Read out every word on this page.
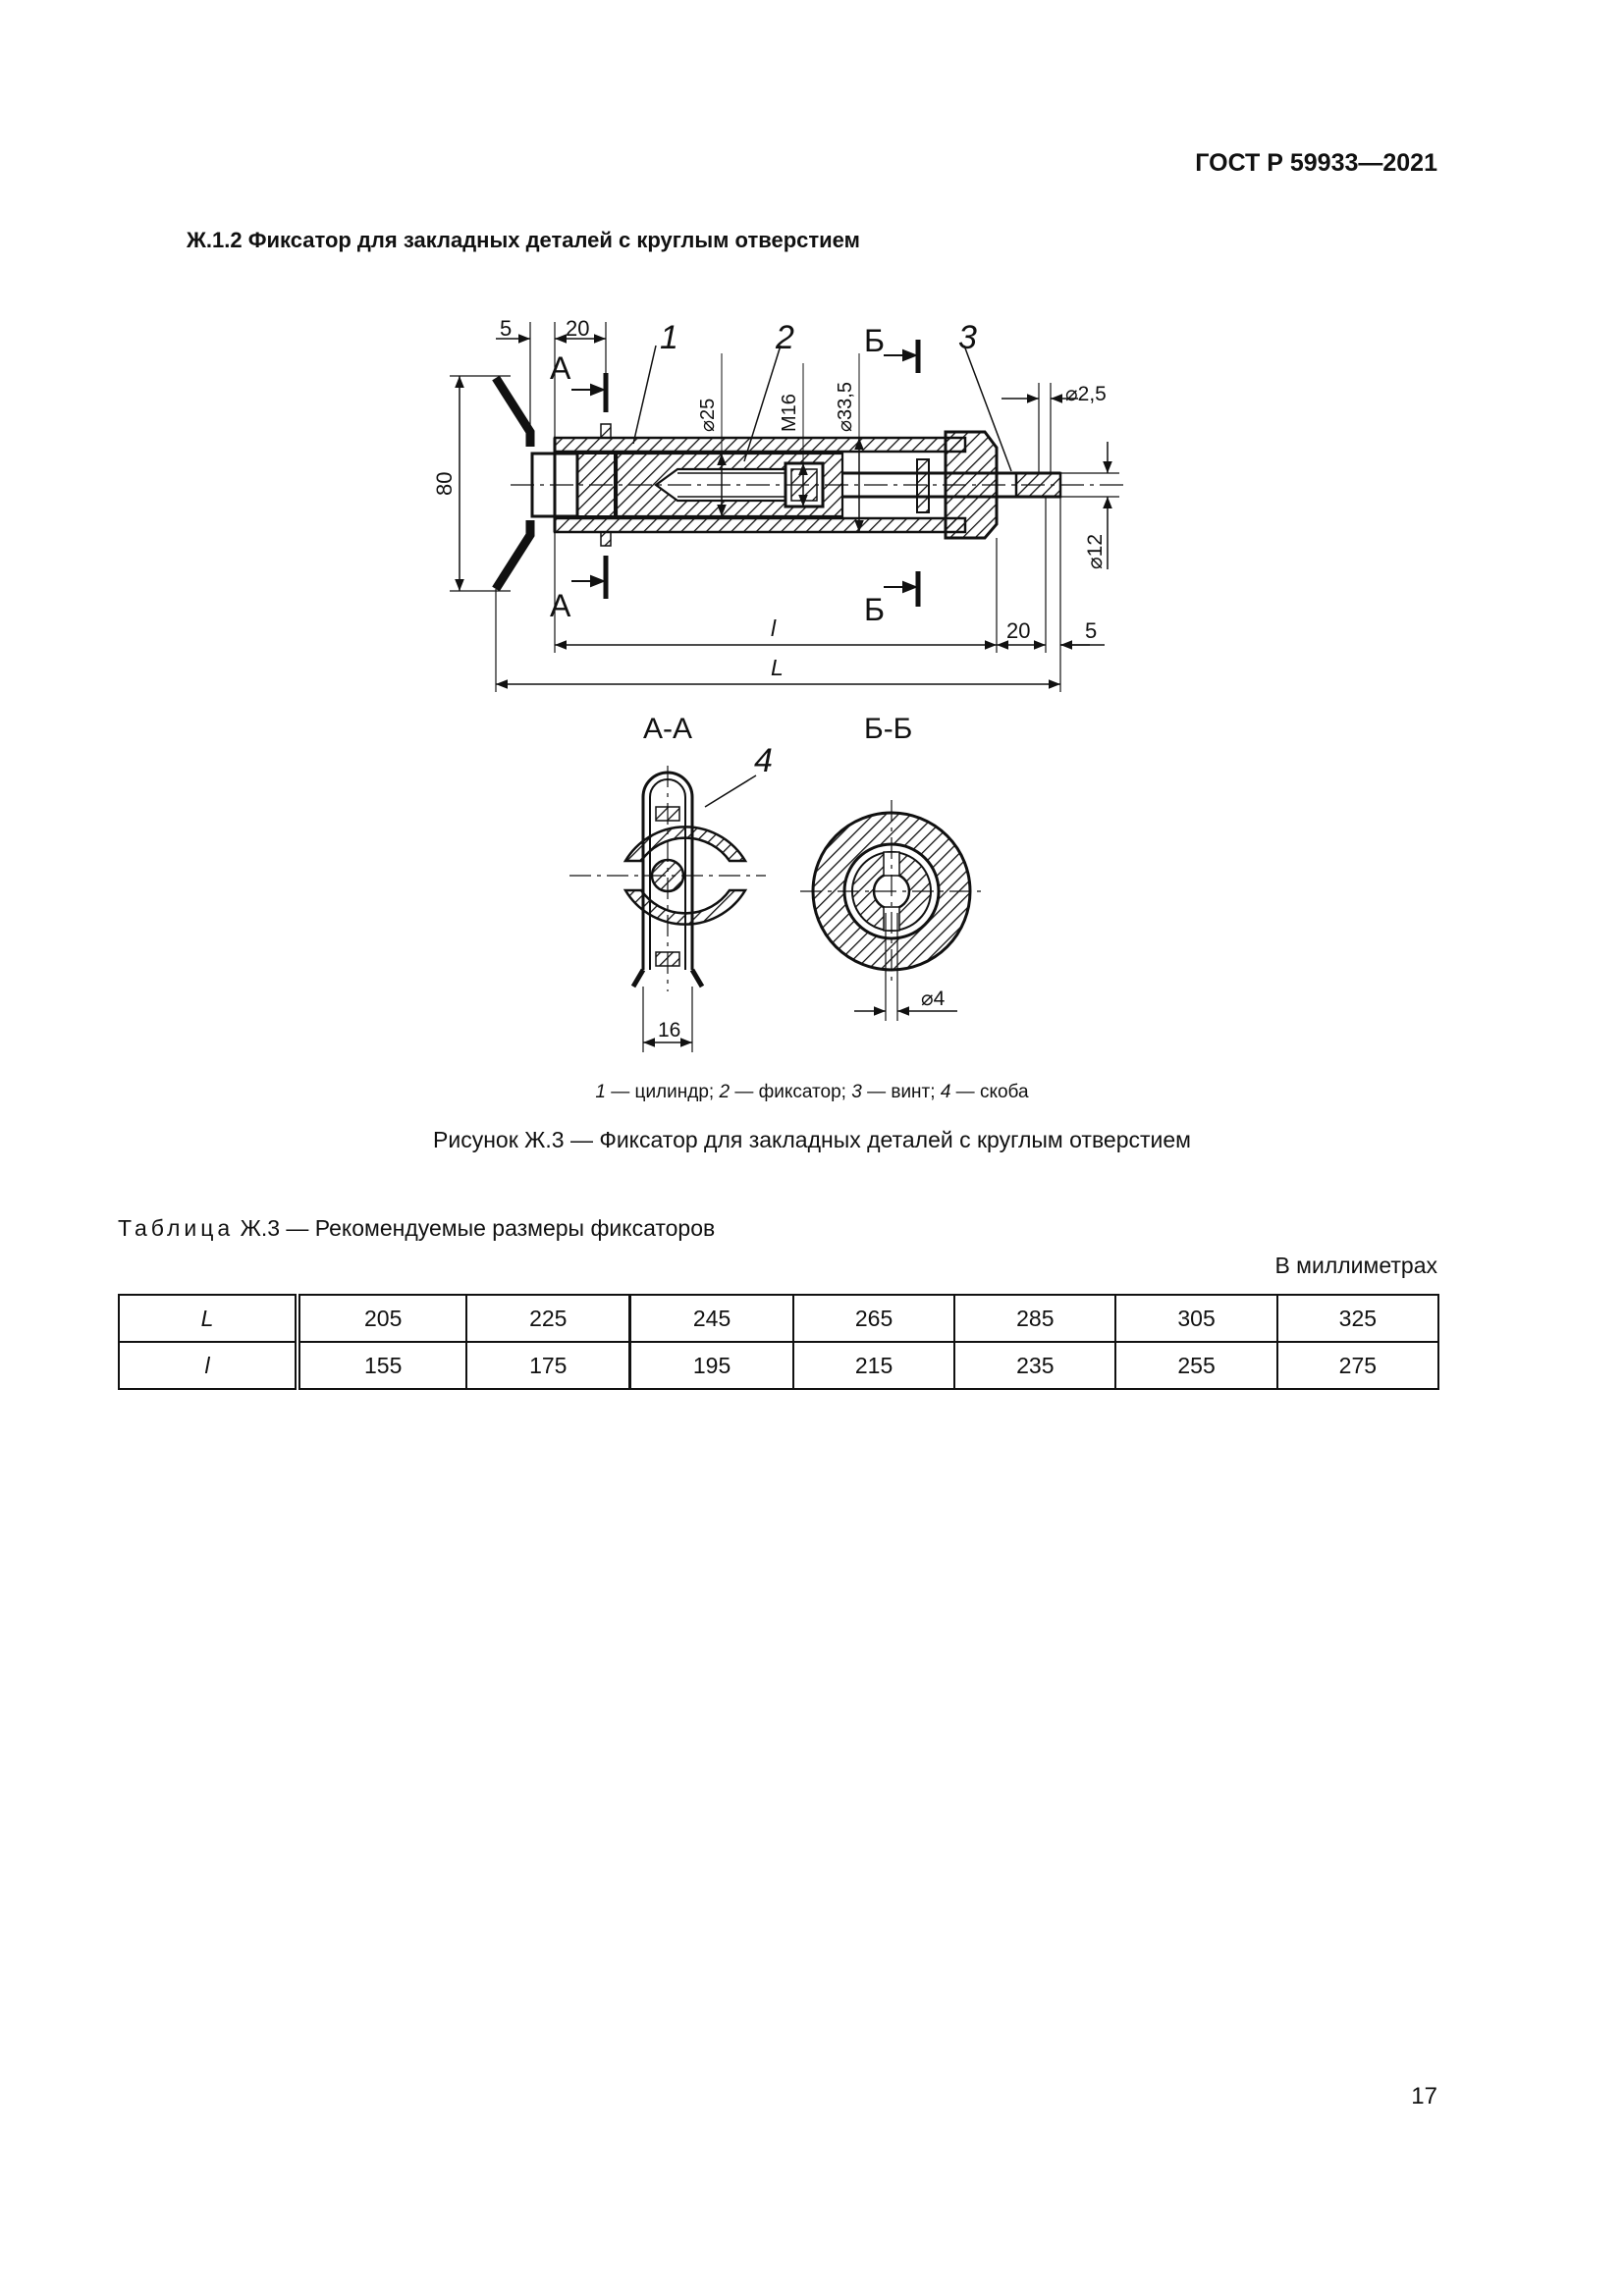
ГОСТ Р 59933—2021
Ж.1.2 Фиксатор для закладных деталей с круглым отверстием
5 20 1	2	3
А
А
Б
Б
80
⌀25	М16 ⌀33,5	⌀2,5
⌀12
l	20	5
L
А-А	Б-Б
4
16
⌀4
1 — цилиндр; 2 — фиксатор; 3 — винт; 4 — скоба
Рисунок Ж.3 — Фиксатор для закладных деталей с круглым отверстием
Таблица Ж.3 — Рекомендуемые размеры фиксаторов
В миллиметрах
L	205	225	245	265	285	305	325
l	155	175	195	215	235	255	275
17
